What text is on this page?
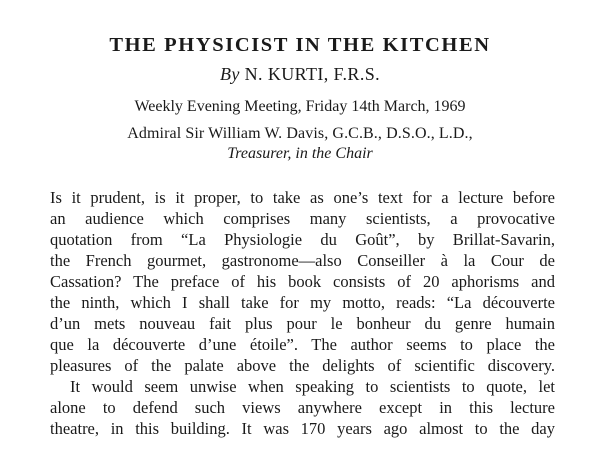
THE PHYSICIST IN THE KITCHEN
By N. KURTI, F.R.S.
Weekly Evening Meeting, Friday 14th March, 1969
Admiral Sir William W. Davis, G.C.B., D.S.O., L.D.,
Treasurer, in the Chair
Is it prudent, is it proper, to take as one’s text for a lecture before
an audience which comprises many scientists, a provocative
quotation from “La Physiologie du Goût”, by Brillat-Savarin,
the French gourmet, gastronome—also Conseiller à la Cour de
Cassation? The preface of his book consists of 20 aphorisms and
the ninth, which I shall take for my motto, reads: “La découverte
d’un mets nouveau fait plus pour le bonheur du genre humain
que la découverte d’une étoile”. The author seems to place the
pleasures of the palate above the delights of scientific discovery.
It would seem unwise when speaking to scientists to quote, let
alone to defend such views anywhere except in this lecture
theatre, in this building. It was 170 years ago almost to the day
